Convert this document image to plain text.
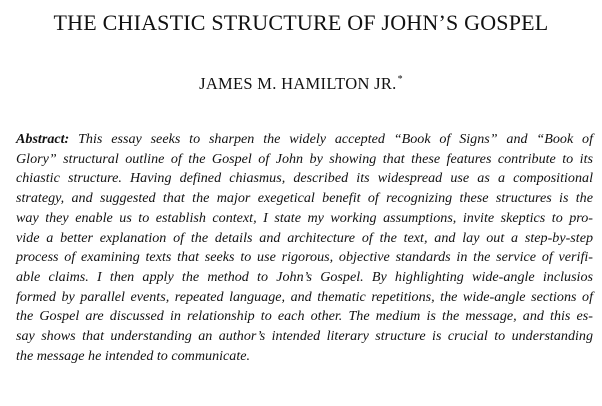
THE CHIASTIC STRUCTURE OF JOHN’S GOSPEL
JAMES M. HAMILTON JR.*
Abstract: This essay seeks to sharpen the widely accepted “Book of Signs” and “Book of
Glory” structural outline of the Gospel of John by showing that these features contribute to its
chiastic structure. Having defined chiasmus, described its widespread use as a compositional
strategy, and suggested that the major exegetical benefit of recognizing these structures is the
way they enable us to establish context, I state my working assumptions, invite skeptics to pro-
vide a better explanation of the details and architecture of the text, and lay out a step-by-step
process of examining texts that seeks to use rigorous, objective standards in the service of verifi-
able claims. I then apply the method to John’s Gospel. By highlighting wide-angle inclusios
formed by parallel events, repeated language, and thematic repetitions, the wide-angle sections of
the Gospel are discussed in relationship to each other. The medium is the message, and this es-
say shows that understanding an author’s intended literary structure is crucial to understanding
the message he intended to communicate.
